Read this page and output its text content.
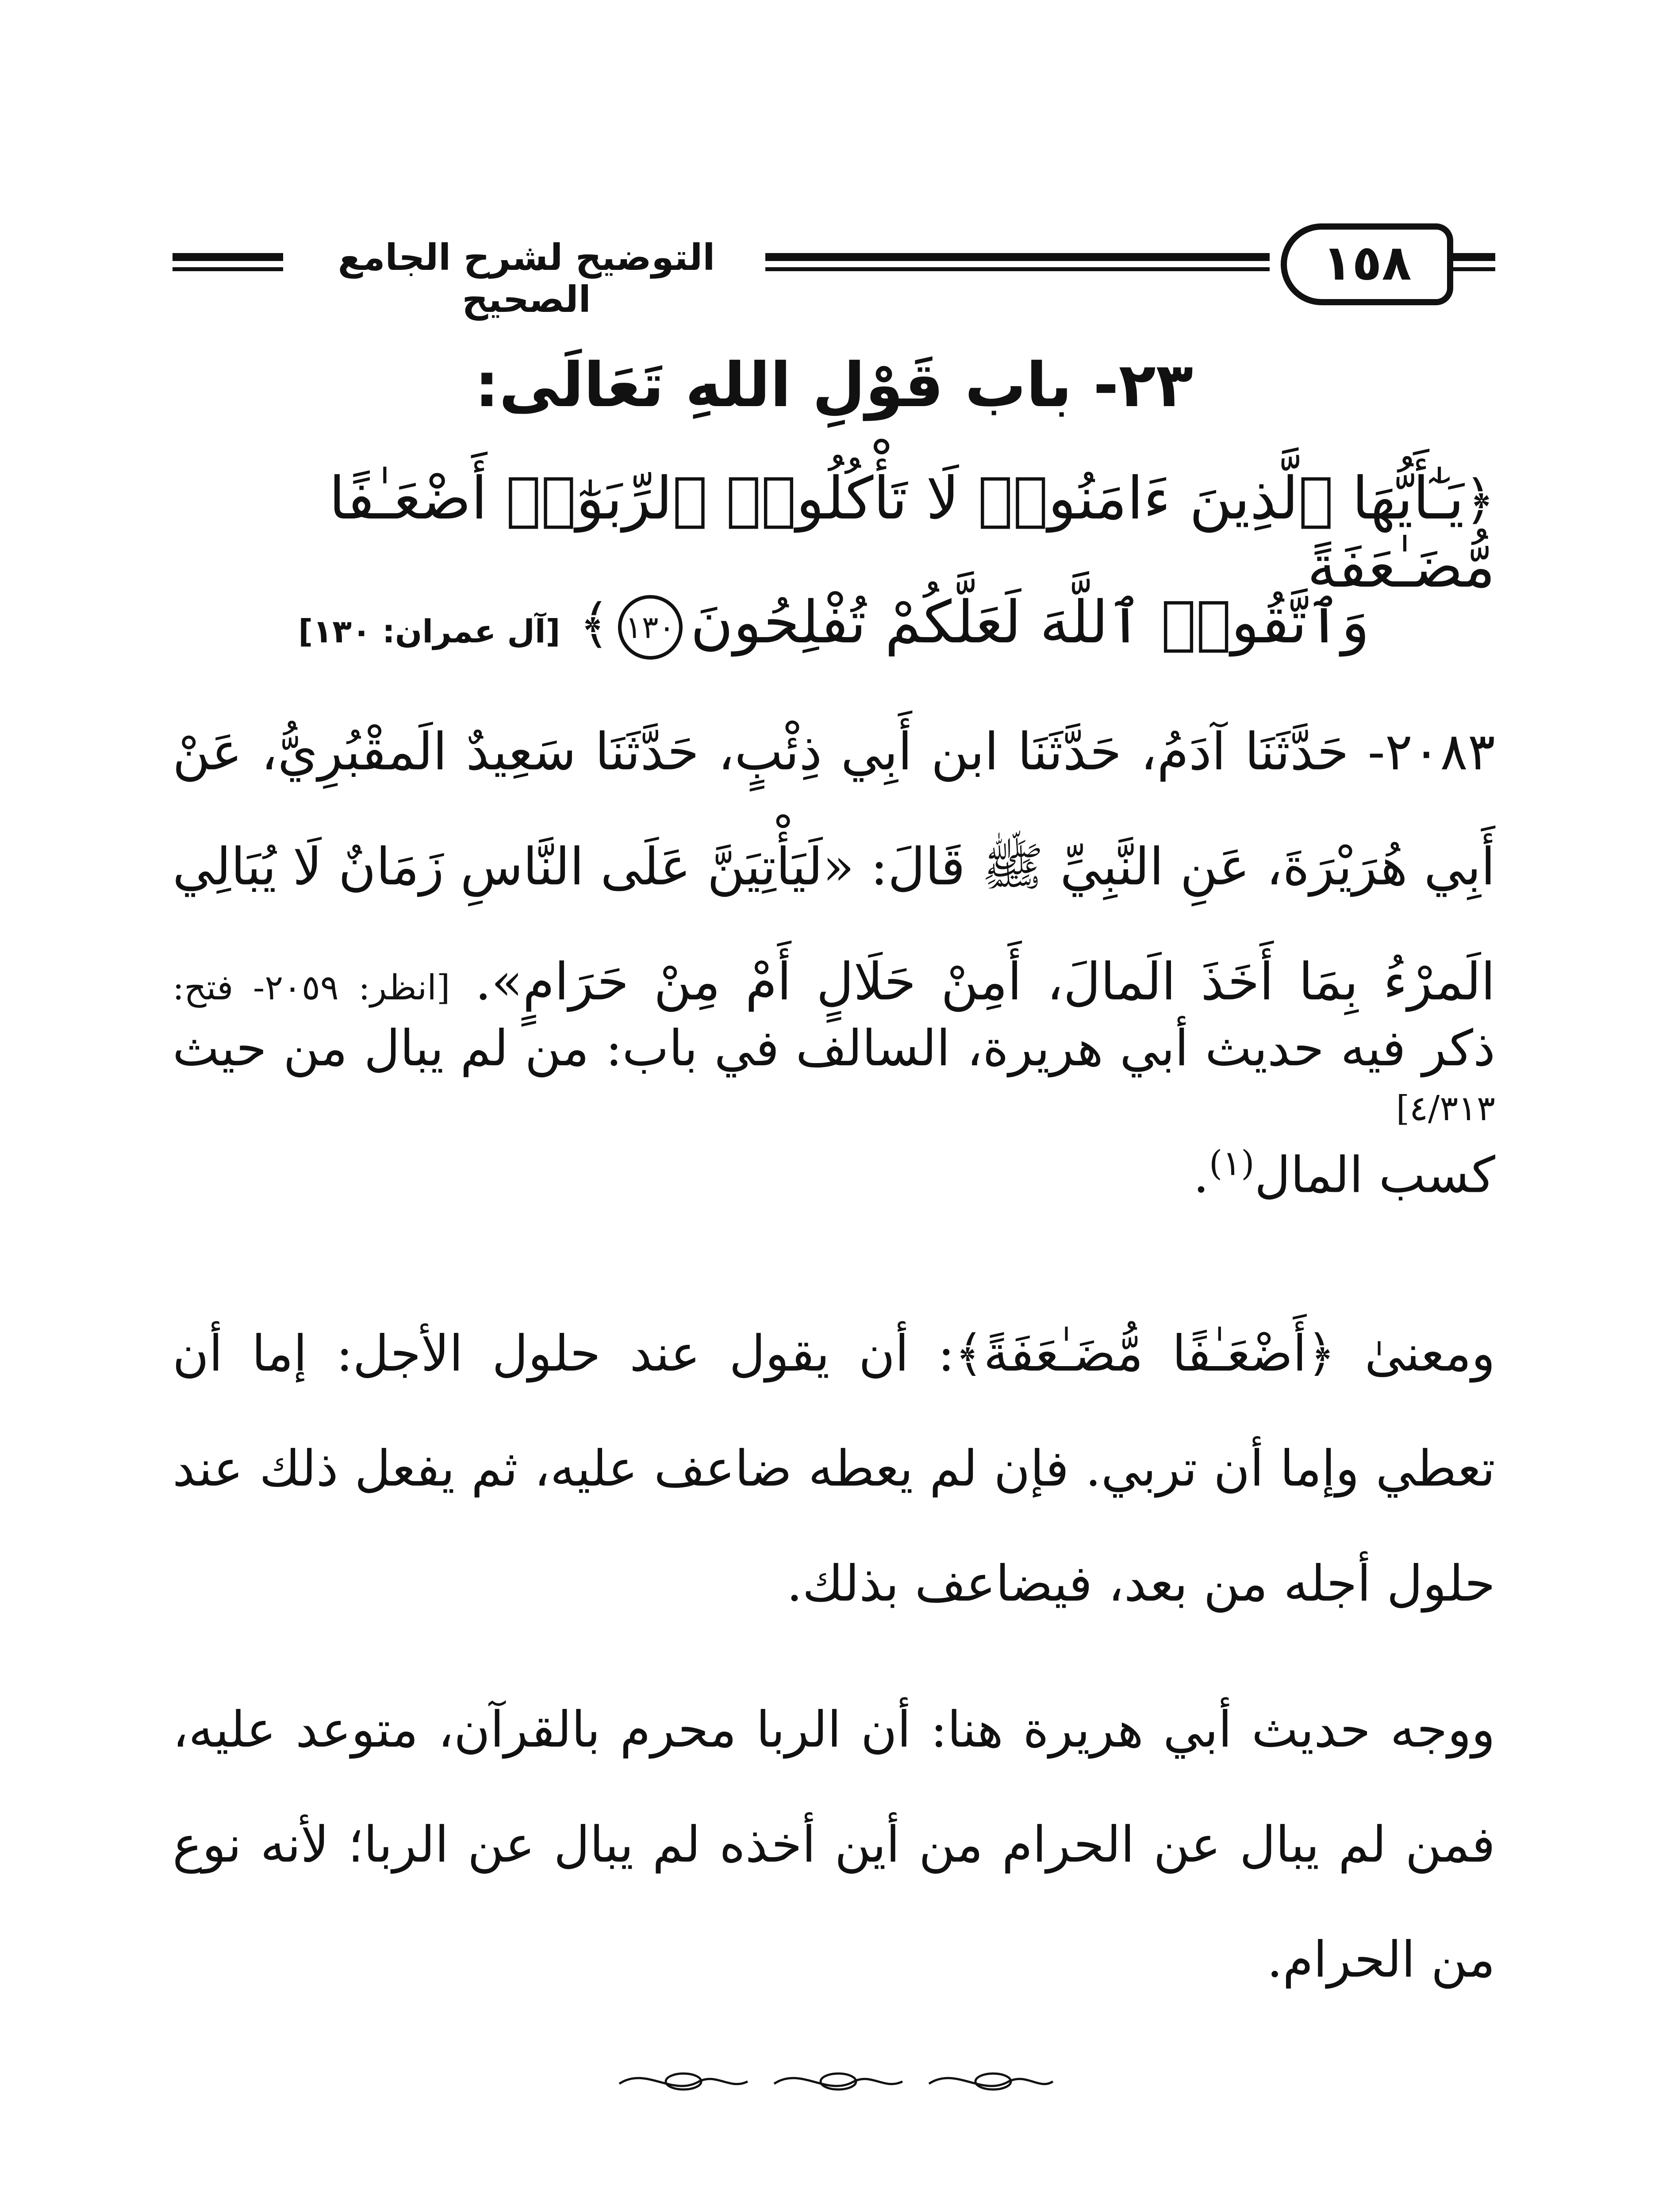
التوضيح لشرح الجامع الصحيح
١٥٨
٢٣- باب قَوْلِ اللهِ تَعَالَى:
﴿يَـٰٓأَيُّهَا ٱلَّذِينَ ءَامَنُوا۟ لَا تَأْكُلُوا۟ ٱلرِّبَوٰٓا۟ أَضْعَـٰفًا مُّضَـٰعَفَةً
وَٱتَّقُوا۟ ٱللَّهَ لَعَلَّكُمْ تُفْلِحُونَ١٣٠﴾ [آل عمران: ١٣٠]
٢٠٨٣- حَدَّثَنَا آدَمُ، حَدَّثَنَا ابن أَبِي ذِئْبٍ، حَدَّثَنَا سَعِيدٌ الَمقْبُرِيُّ، عَنْ أَبِي هُرَيْرَةَ، عَنِ النَّبِيِّ ﷺ قَالَ: «لَيَأْتِيَنَّ عَلَى النَّاسِ زَمَانٌ لَا يُبَالِي الَمرْءُ بِمَا أَخَذَ الَمالَ، أَمِنْ حَلَالٍ أَمْ مِنْ حَرَامٍ». [انظر: ٢٠٥٩- فتح: ٤/٣١٣]
ذكر فيه حديث أبي هريرة، السالف في باب: من لم يبال من حيث كسب المال$^{(١)}$.
ومعنىٰ ﴿أَضْعَـٰفًا مُّضَـٰعَفَةً﴾: أن يقول عند حلول الأجل: إما أن تعطي وإما أن تربي. فإن لم يعطه ضاعف عليه، ثم يفعل ذلك عند حلول أجله من بعد، فيضاعف بذلك.
ووجه حديث أبي هريرة هنا: أن الربا محرم بالقرآن، متوعد عليه، فمن لم يبال عن الحرام من أين أخذه لم يبال عن الربا؛ لأنه نوع من الحرام.
